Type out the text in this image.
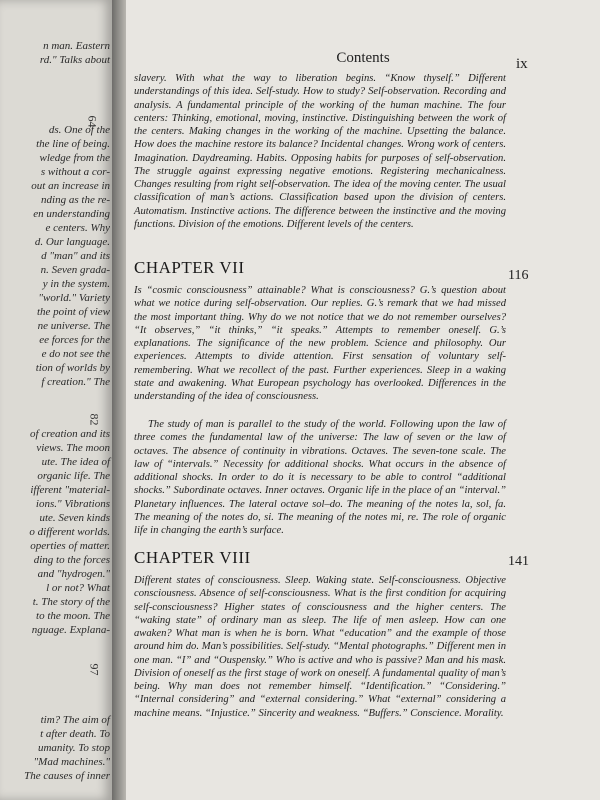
n man. Eastern
rd." Talks about
64
ds. One of the
the line of being.
wledge from the
s without a cor-
out an increase in
nding as the re-
en understanding
e centers. Why
d. Our language.
d "man" and its
n. Seven grada-
y in the system.
"world." Variety
the point of view
ne universe. The
ee forces for the
e do not see the
tion of worlds by
f creation." The
82
of creation and its
views. The moon
ute. The idea of
organic life. The
ifferent "material-
ions." Vibrations
ute. Seven kinds
o different worlds.
operties of matter.
ding to the forces
and "hydrogen."
l or not? What
t. The story of the
to the moon. The
nguage. Explana-
97
tim? The aim of
t after death. To
umanity. To stop
"Mad machines."
The causes of inner
Contents	ix
slavery. With what the way to liberation begins. “Know thyself.” Different understandings of this idea. Self-study. How to study? Self-observation. Recording and analysis. A fundamental principle of the working of the human machine. The four centers: Thinking, emotional, moving, instinctive. Distinguishing between the work of the centers. Making changes in the working of the machine. Upsetting the balance. How does the machine restore its balance? Incidental changes. Wrong work of centers. Imagination. Daydreaming. Habits. Opposing habits for purposes of self-observation. The struggle against expressing negative emotions. Registering mechanicalness. Changes resulting from right self-observation. The idea of the moving center. The usual classification of man’s actions. Classification based upon the division of centers. Automatism. Instinctive actions. The difference between the instinctive and the moving functions. Division of the emotions. Different levels of the centers.
CHAPTER VII	116
Is “cosmic consciousness” attainable? What is consciousness? G.’s question about what we notice during self-observation. Our replies. G.’s remark that we had missed the most important thing. Why do we not notice that we do not remember ourselves? “It observes,” “it thinks,” “it speaks.” Attempts to remember oneself. G.’s explanations. The significance of the new problem. Science and philosophy. Our experiences. Attempts to divide attention. First sensation of voluntary self-remembering. What we recollect of the past. Further experiences. Sleep in a waking state and awakening. What European psychology has overlooked. Differences in the understanding of the idea of consciousness.
The study of man is parallel to the study of the world. Following upon the law of three comes the fundamental law of the universe: The law of seven or the law of octaves. The absence of continuity in vibrations. Octaves. The seven-tone scale. The law of “intervals.” Necessity for additional shocks. What occurs in the absence of additional shocks. In order to do it is necessary to be able to control “additional shocks.” Subordinate octaves. Inner octaves. Organic life in the place of an “interval.” Planetary influences. The lateral octave sol–do. The meaning of the notes la, sol, fa. The meaning of the notes do, si. The meaning of the notes mi, re. The role of organic life in changing the earth’s surface.
CHAPTER VIII	141
Different states of consciousness. Sleep. Waking state. Self-consciousness. Objective consciousness. Absence of self-consciousness. What is the first condition for acquiring self-consciousness? Higher states of consciousness and the higher centers. The “waking state” of ordinary man as sleep. The life of men asleep. How can one awaken? What man is when he is born. What “education” and the example of those around him do. Man’s possibilities. Self-study. “Mental photographs.” Different men in one man. “I” and “Ouspensky.” Who is active and who is passive? Man and his mask. Division of oneself as the first stage of work on oneself. A fundamental quality of man’s being. Why man does not remember himself. “Identification.” “Considering.” “Internal considering” and “external considering.” What “external” considering a machine means. “Injustice.” Sincerity and weakness. “Buffers.” Conscience. Morality.
